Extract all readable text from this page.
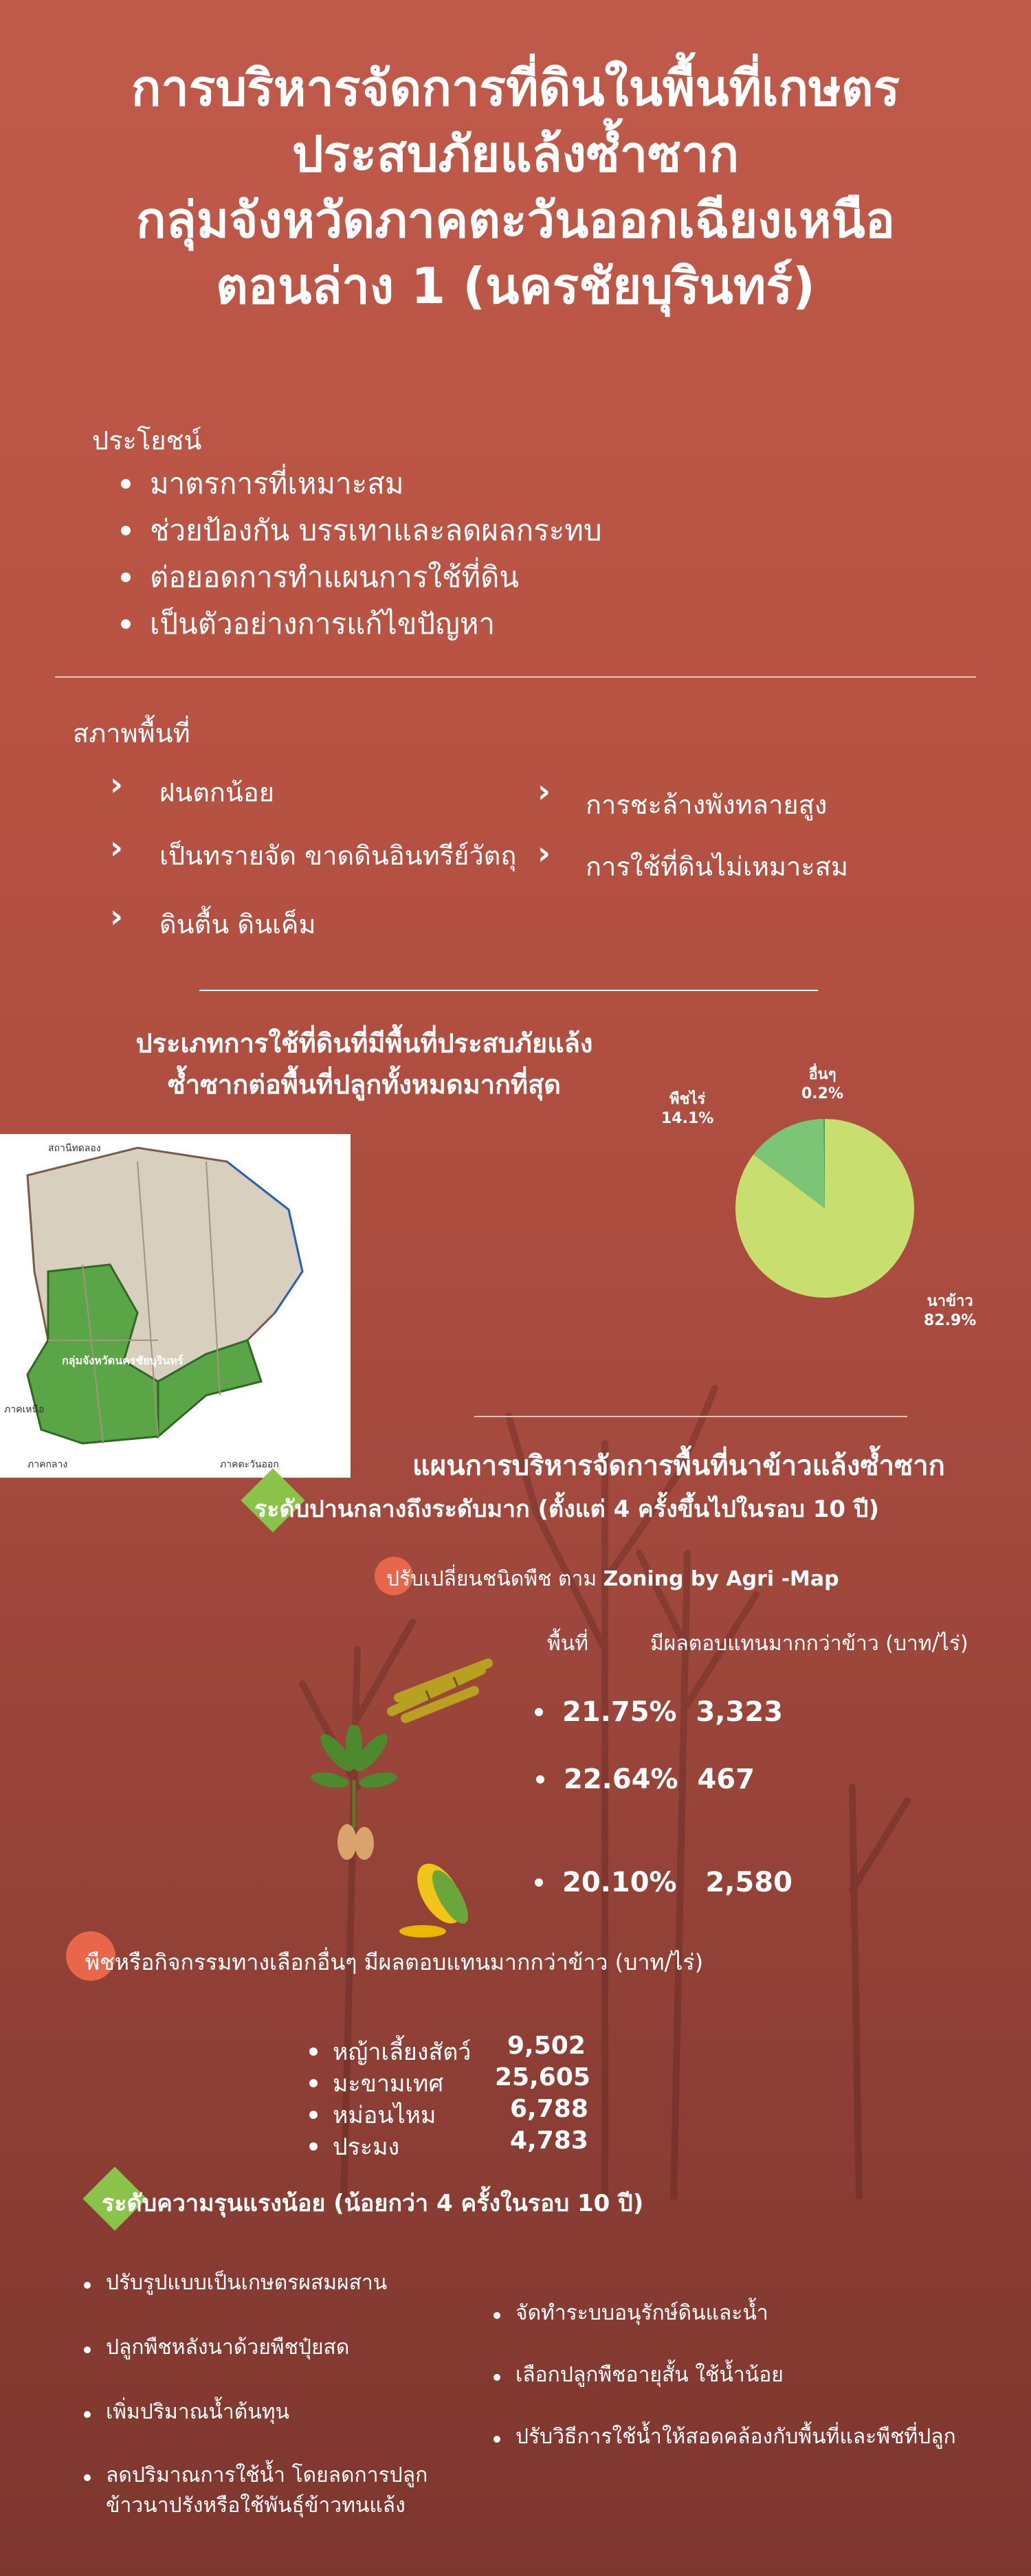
การบริหารจัดการที่ดินในพื้นที่เกษตร
ประสบภัยแล้งซ้ำซาก
กลุ่มจังหวัดภาคตะวันออกเฉียงเหนือ
ตอนล่าง 1 (นครชัยบุรินทร์)
ประโยชน์
มาตรการที่เหมาะสม
ช่วยป้องกัน บรรเทาและลดผลกระทบ
ต่อยอดการทำแผนการใช้ที่ดิน
เป็นตัวอย่างการแก้ไขปัญหา
สภาพพื้นที่
› ฝนตกน้อย
› เป็นทรายจัด ขาดดินอินทรีย์วัตถุ
› ดินตื้น ดินเค็ม
› การชะล้างพังทลายสูง
› การใช้ที่ดินไม่เหมาะสม
ประเภทการใช้ที่ดินที่มีพื้นที่ประสบภัยแล้ง
ซ้ำซากต่อพื้นที่ปลูกทั้งหมดมากที่สุด
สถานีทดลอง
กลุ่มจังหวัดนครชัยบุรินทร์
ภาคเหนือ
ภาคกลาง	ภาคตะวันออก
พืชไร่
14.1%
อื่นๆ
0.2%
นาข้าว
82.9%
แผนการบริหารจัดการพื้นที่นาข้าวแล้งซ้ำซาก
ระดับปานกลางถึงระดับมาก (ตั้งแต่ 4 ครั้งขึ้นไปในรอบ 10 ปี)
ปรับเปลี่ยนชนิดพืช ตาม Zoning by Agri -Map
พื้นที่	มีผลตอบแทนมากกว่าข้าว (บาท/ไร่)
21.75% 3,323
22.64% 467
20.10% 2,580
พืชหรือกิจกรรมทางเลือกอื่นๆ มีผลตอบแทนมากกว่าข้าว (บาท/ไร่)
หญ้าเลี้ยงสัตว์ 9,502
มะขามเทศ 25,605
หม่อนไหม	6,788
ประมง	4,783
ระดับความรุนแรงน้อย (น้อยกว่า 4 ครั้งในรอบ 10 ปี)
ปรับรูปแบบเป็นเกษตรผสมผสาน
ปลูกพืชหลังนาด้วยพืชปุ๋ยสด
เพิ่มปริมาณน้ำต้นทุน
ลดปริมาณการใช้น้ำ โดยลดการปลูก
ข้าวนาปรังหรือใช้พันธุ์ข้าวทนแล้ง
จัดทำระบบอนุรักษ์ดินและน้ำ
เลือกปลูกพืชอายุสั้น ใช้น้ำน้อย
ปรับวิธีการใช้น้ำให้สอดคล้องกับพื้นที่และพืชที่ปลูก
